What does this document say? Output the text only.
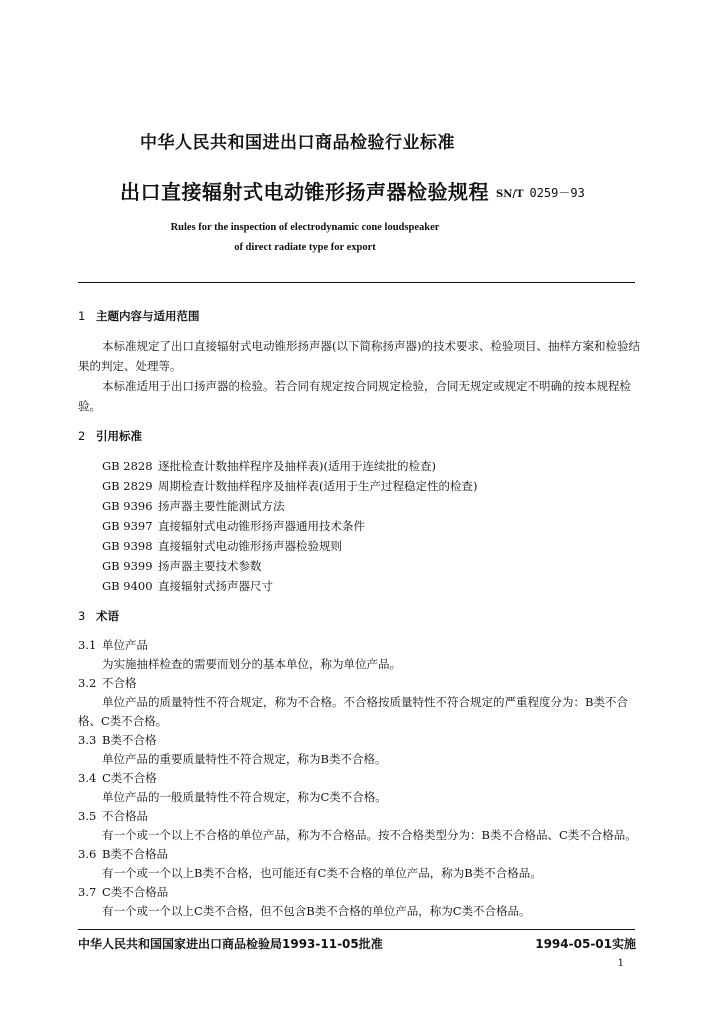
中华人民共和国进出口商品检验行业标准
出口直接辐射式电动锥形扬声器检验规程 SN/T 0259－93
Rules for the inspection of electrodynamic cone loudspeaker
of direct radiate type for export
1 主题内容与适用范围

本标准规定了出口直接辐射式电动锥形扬声器(以下简称扬声器)的技术要求、检验项目、抽样方案和检验结果的判定、处理等。

本标准适用于出口扬声器的检验。若合同有规定按合同规定检验，合同无规定或规定不明确的按本规程检验。

2 引用标准
GB 2828 逐批检查计数抽样程序及抽样表)(适用于连续批的检查)
GB 2829 周期检查计数抽样程序及抽样表(适用于生产过程稳定性的检查)
GB 9396 扬声器主要性能测试方法
GB 9397 直接辐射式电动锥形扬声器通用技术条件
GB 9398 直接辐射式电动锥形扬声器检验规则
GB 9399 扬声器主要技术参数
GB 9400 直接辐射式扬声器尺寸
3 术语
3.1 单位产品

为实施抽样检查的需要而划分的基本单位，称为单位产品。

3.2 不合格

单位产品的质量特性不符合规定，称为不合格。不合格按质量特性不符合规定的严重程度分为：B类不合格、C类不合格。

3.3 B类不合格

单位产品的重要质量特性不符合规定，称为B类不合格。

3.4 C类不合格

单位产品的一般质量特性不符合规定，称为C类不合格。

3.5 不合格品

有一个或一个以上不合格的单位产品，称为不合格品。按不合格类型分为：B类不合格品、C类不合格品。

3.6 B类不合格品

有一个或一个以上B类不合格，也可能还有C类不合格的单位产品，称为B类不合格品。

3.7 C类不合格品

有一个或一个以上C类不合格，但不包含B类不合格的单位产品，称为C类不合格品。

中华人民共和国国家进出口商品检验局1993-11-05批准	1994-05-01实施
1
